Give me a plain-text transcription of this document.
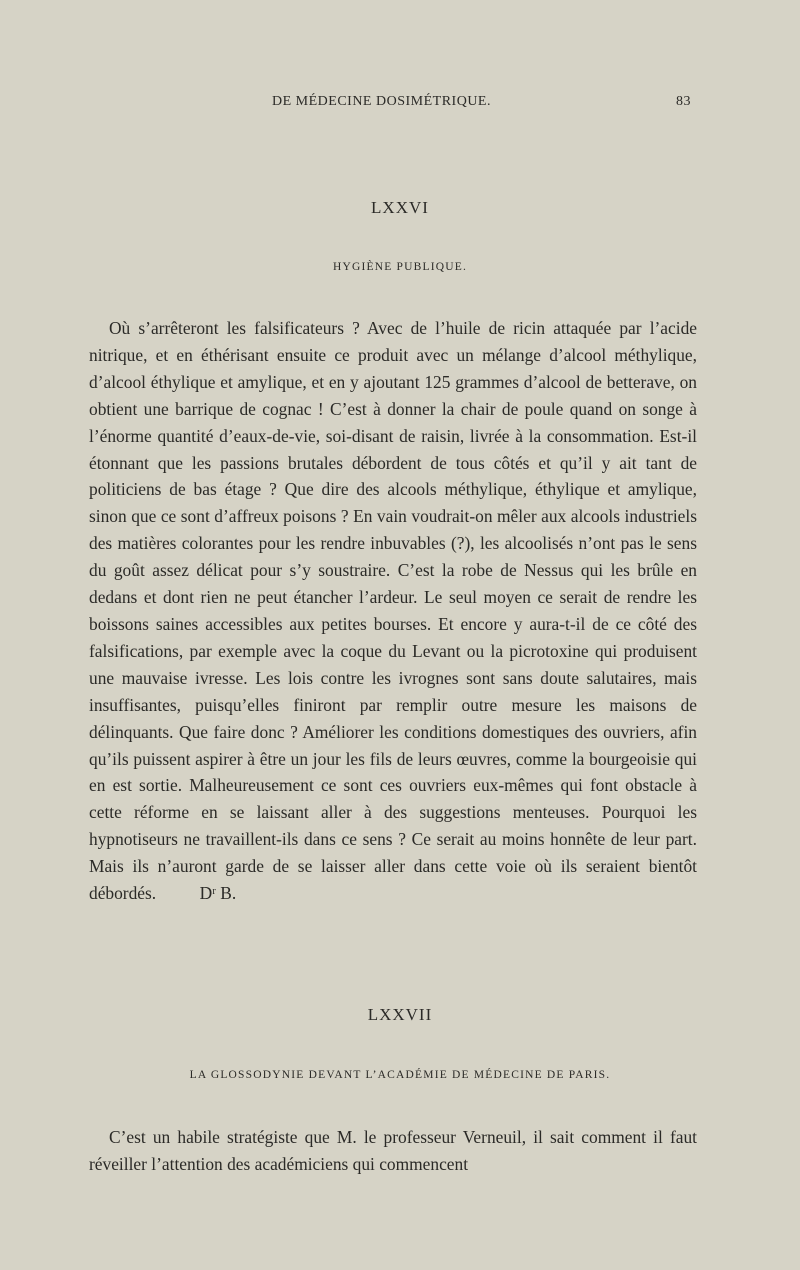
DE MÉDECINE DOSIMÉTRIQUE.	83
LXXVI
HYGIÈNE PUBLIQUE.

Où s’arrêteront les falsificateurs ? Avec de l’huile de ricin attaquée par l’acide nitrique, et en éthérisant ensuite ce produit avec un mélange d’alcool méthylique, d’alcool éthylique et amylique, et en y ajoutant 125 grammes d’alcool de betterave, on obtient une barrique de cognac ! C’est à donner la chair de poule quand on songe à l’énorme quantité d’eaux-de-vie, soi-disant de raisin, livrée à la consommation. Est-il étonnant que les passions brutales débordent de tous côtés et qu’il y ait tant de politiciens de bas étage ? Que dire des alcools méthylique, éthylique et amylique, sinon que ce sont d’affreux poisons ? En vain voudrait-on mêler aux alcools industriels des matières colorantes pour les rendre inbuvables (?), les alcoolisés n’ont pas le sens du goût assez délicat pour s’y soustraire. C’est la robe de Nessus qui les brûle en dedans et dont rien ne peut étancher l’ardeur. Le seul moyen ce serait de rendre les boissons saines accessibles aux petites bourses. Et encore y aura-t-il de ce côté des falsifications, par exemple avec la coque du Levant ou la picrotoxine qui produisent une mauvaise ivresse. Les lois contre les ivrognes sont sans doute salutaires, mais insuffisantes, puisqu’elles finiront par remplir outre mesure les maisons de délinquants. Que faire donc ? Améliorer les conditions domestiques des ouvriers, afin qu’ils puissent aspirer à être un jour les fils de leurs œuvres, comme la bourgeoisie qui en est sortie. Malheureusement ce sont ces ouvriers eux-mêmes qui font obstacle à cette réforme en se laissant aller à des suggestions menteuses. Pourquoi les hypnotiseurs ne travaillent-ils dans ce sens ? Ce serait au moins honnête de leur part. Mais ils n’auront garde de se laisser aller dans cette voie où ils seraient bientôt débordés. Dʳ B.

LXXVII
LA GLOSSODYNIE DEVANT L’ACADÉMIE DE MÉDECINE DE PARIS.

C’est un habile stratégiste que M. le professeur Verneuil, il sait comment il faut réveiller l’attention des académiciens qui commencent
